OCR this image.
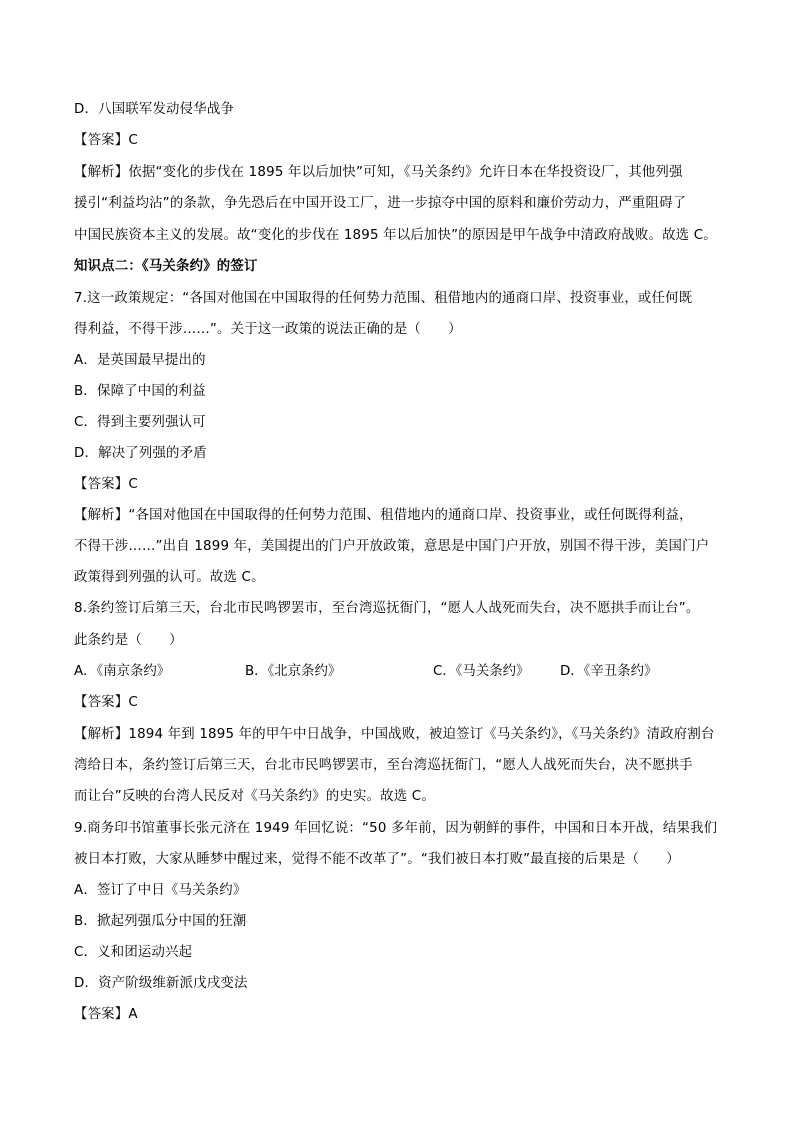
D．八国联军发动侵华战争
【答案】C
【解析】依据“变化的步伐在 1895 年以后加快”可知，《马关条约》允许日本在华投资设厂，其他列强
援引“利益均沾”的条款，争先恐后在中国开设工厂，进一步掠夺中国的原料和廉价劳动力，严重阻碍了
中国民族资本主义的发展。故“变化的步伐在 1895 年以后加快”的原因是甲午战争中清政府战败。故选 C。
知识点二：《马关条约》的签订
7.这一政策规定：“各国对他国在中国取得的任何势力范围、租借地内的通商口岸、投资事业，或任何既
得利益，不得干涉……”。关于这一政策的说法正确的是（　　）
A．是英国最早提出的
B．保障了中国的利益
C．得到主要列强认可
D．解决了列强的矛盾
【答案】C
【解析】“各国对他国在中国取得的任何势力范围、租借地内的通商口岸、投资事业，或任何既得利益，
不得干涉……”出自 1899 年，美国提出的门户开放政策，意思是中国门户开放，别国不得干涉，美国门户
政策得到列强的认可。故选 C。
8.条约签订后第三天，台北市民鸣锣罢市，至台湾巡抚衙门，“愿人人战死而失台，决不愿拱手而让台”。
此条约是（　　）
A．《南京条约》	B．《北京条约》	C．《马关条约》 D．《辛丑条约》
【答案】C
【解析】1894 年到 1895 年的甲午中日战争，中国战败，被迫签订《马关条约》，《马关条约》清政府割台
湾给日本，条约签订后第三天，台北市民鸣锣罢市，至台湾巡抚衙门，“愿人人战死而失台，决不愿拱手
而让台”反映的台湾人民反对《马关条约》的史实。故选 C。
9.商务印书馆董事长张元济在 1949 年回忆说：“50 多年前，因为朝鲜的事件，中国和日本开战，结果我们
被日本打败，大家从睡梦中醒过来，觉得不能不改革了”。“我们被日本打败”最直接的后果是（　　）
A．签订了中日《马关条约》
B．掀起列强瓜分中国的狂潮
C．义和团运动兴起
D．资产阶级维新派戊戌变法
【答案】A
